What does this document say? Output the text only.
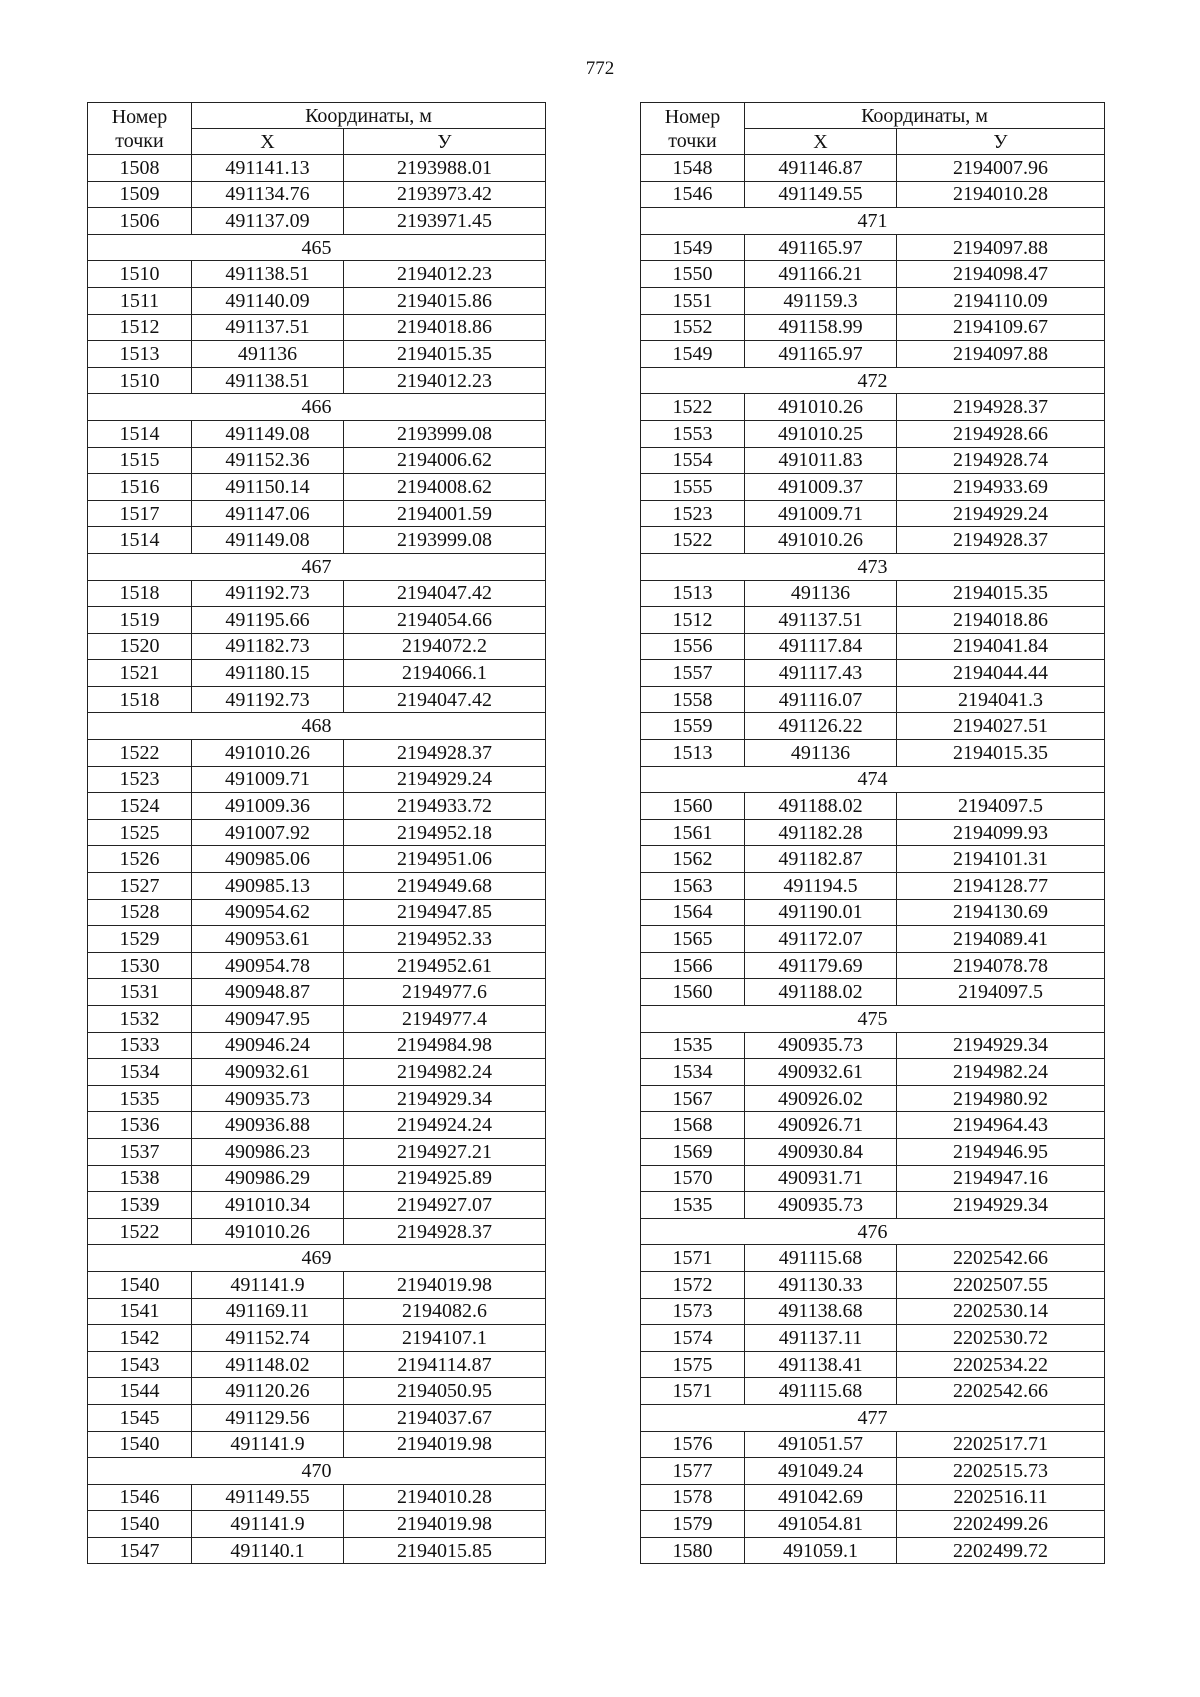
772
Номер
точки	Координаты, м	
	X	У
1508	491141.13	2193988.01
1509	491134.76	2193973.42
1506	491137.09	2193971.45
465		
1510	491138.51	2194012.23
1511	491140.09	2194015.86
1512	491137.51	2194018.86
1513	491136	2194015.35
1510	491138.51	2194012.23
466		
1514	491149.08	2193999.08
1515	491152.36	2194006.62
1516	491150.14	2194008.62
1517	491147.06	2194001.59
1514	491149.08	2193999.08
467		
1518	491192.73	2194047.42
1519	491195.66	2194054.66
1520	491182.73	2194072.2
1521	491180.15	2194066.1
1518	491192.73	2194047.42
468		
1522	491010.26	2194928.37
1523	491009.71	2194929.24
1524	491009.36	2194933.72
1525	491007.92	2194952.18
1526	490985.06	2194951.06
1527	490985.13	2194949.68
1528	490954.62	2194947.85
1529	490953.61	2194952.33
1530	490954.78	2194952.61
1531	490948.87	2194977.6
1532	490947.95	2194977.4
1533	490946.24	2194984.98
1534	490932.61	2194982.24
1535	490935.73	2194929.34
1536	490936.88	2194924.24
1537	490986.23	2194927.21
1538	490986.29	2194925.89
1539	491010.34	2194927.07
1522	491010.26	2194928.37
469		
1540	491141.9	2194019.98
1541	491169.11	2194082.6
1542	491152.74	2194107.1
1543	491148.02	2194114.87
1544	491120.26	2194050.95
1545	491129.56	2194037.67
1540	491141.9	2194019.98
470		
1546	491149.55	2194010.28
1540	491141.9	2194019.98
1547	491140.1	2194015.85
Номер
точки	Координаты, м	
	X	У
1548	491146.87	2194007.96
1546	491149.55	2194010.28
471		
1549	491165.97	2194097.88
1550	491166.21	2194098.47
1551	491159.3	2194110.09
1552	491158.99	2194109.67
1549	491165.97	2194097.88
472		
1522	491010.26	2194928.37
1553	491010.25	2194928.66
1554	491011.83	2194928.74
1555	491009.37	2194933.69
1523	491009.71	2194929.24
1522	491010.26	2194928.37
473		
1513	491136	2194015.35
1512	491137.51	2194018.86
1556	491117.84	2194041.84
1557	491117.43	2194044.44
1558	491116.07	2194041.3
1559	491126.22	2194027.51
1513	491136	2194015.35
474		
1560	491188.02	2194097.5
1561	491182.28	2194099.93
1562	491182.87	2194101.31
1563	491194.5	2194128.77
1564	491190.01	2194130.69
1565	491172.07	2194089.41
1566	491179.69	2194078.78
1560	491188.02	2194097.5
475		
1535	490935.73	2194929.34
1534	490932.61	2194982.24
1567	490926.02	2194980.92
1568	490926.71	2194964.43
1569	490930.84	2194946.95
1570	490931.71	2194947.16
1535	490935.73	2194929.34
476		
1571	491115.68	2202542.66
1572	491130.33	2202507.55
1573	491138.68	2202530.14
1574	491137.11	2202530.72
1575	491138.41	2202534.22
1571	491115.68	2202542.66
477		
1576	491051.57	2202517.71
1577	491049.24	2202515.73
1578	491042.69	2202516.11
1579	491054.81	2202499.26
1580	491059.1	2202499.72
